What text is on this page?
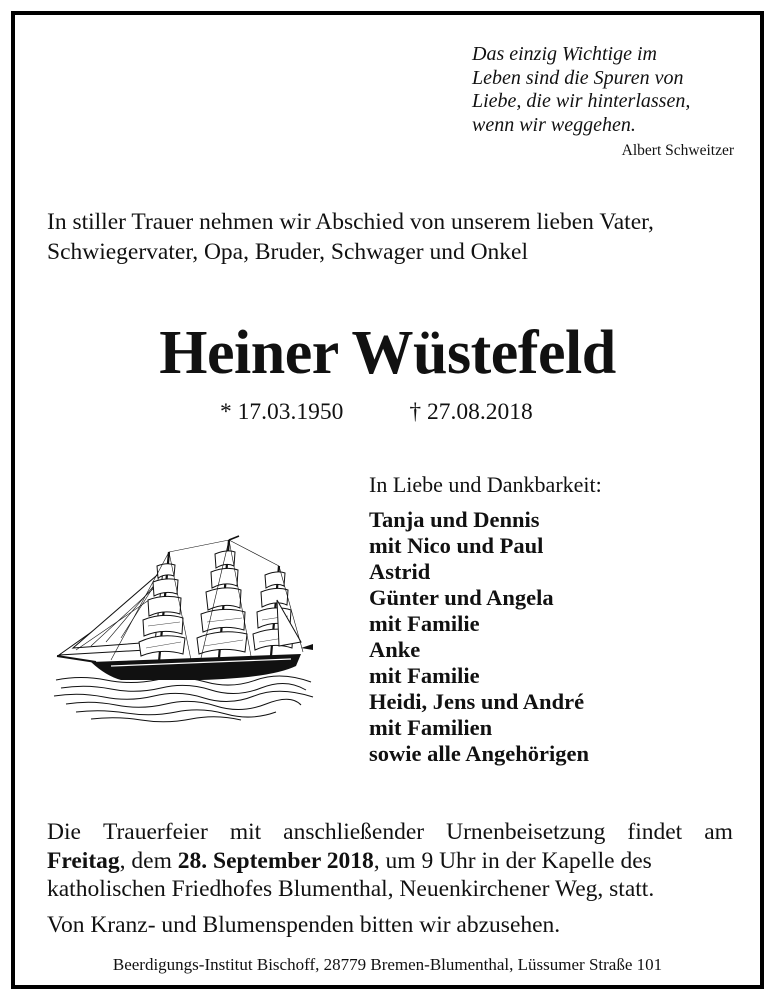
Das einzig Wichtige im
Leben sind die Spuren von
Liebe, die wir hinterlassen,
wenn wir weggehen.
Albert Schweitzer
In stiller Trauer nehmen wir Abschied von unserem lieben Vater,
Schwiegervater, Opa, Bruder, Schwager und Onkel
Heiner Wüstefeld
* 17.03.1950	† 27.08.2018
In Liebe und Dankbarkeit:
Tanja und Dennis
mit Nico und Paul
Astrid
Günter und Angela
mit Familie
Anke
mit Familie
Heidi, Jens und André
mit Familien
sowie alle Angehörigen
Die Trauerfeier mit anschließender Urnenbeisetzung findet am
Freitag, dem 28. September 2018, um 9 Uhr in der Kapelle des
katholischen Friedhofes Blumenthal, Neuenkirchener Weg, statt.
Von Kranz- und Blumenspenden bitten wir abzusehen.
Beerdigungs-Institut Bischoff, 28779 Bremen-Blumenthal, Lüssumer Straße 101
